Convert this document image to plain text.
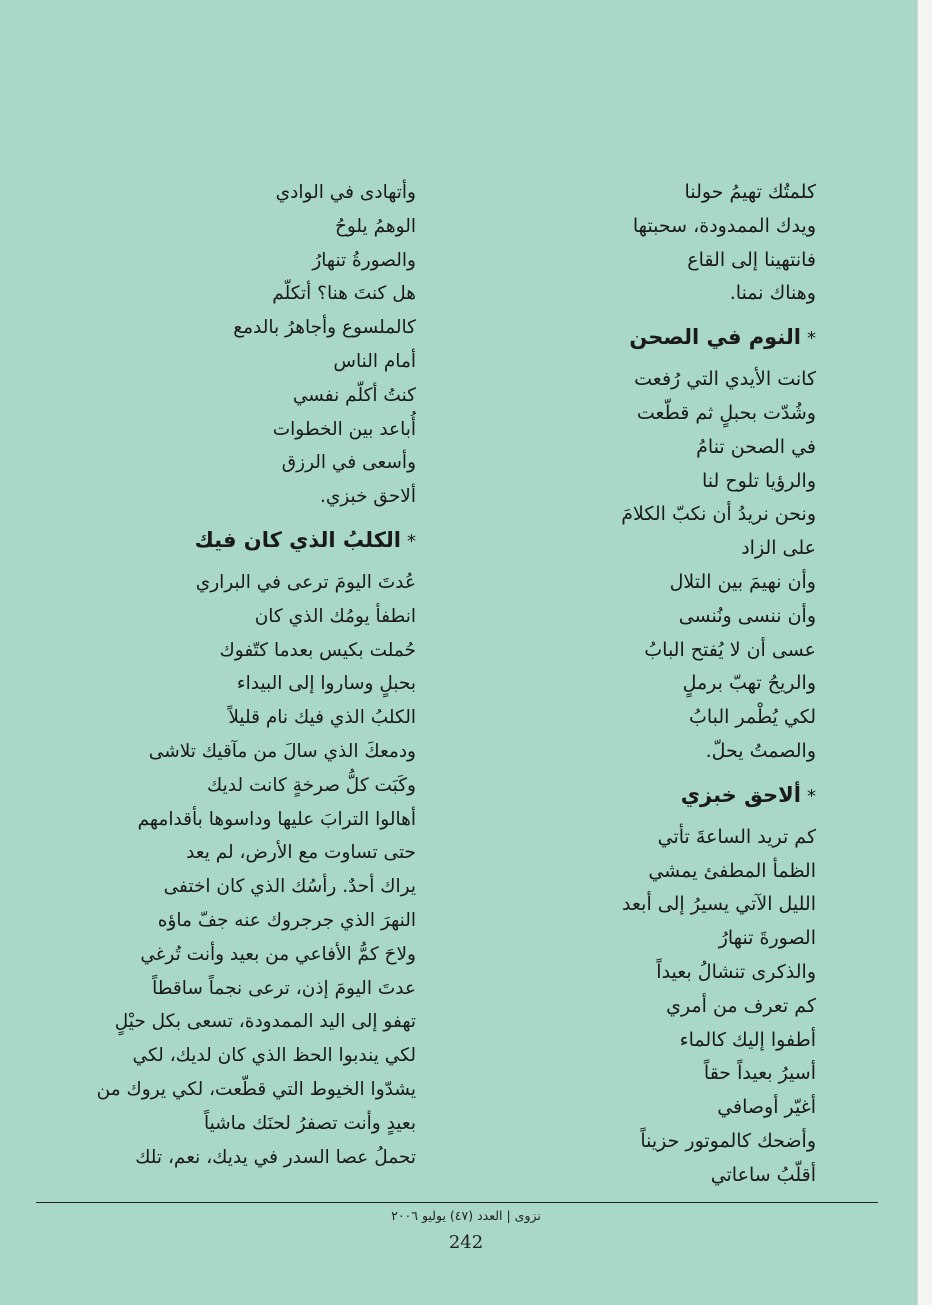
كلمتُك تهيمُ حولنا
ويدك الممدودة، سحبتها
فانتهينا إلى القاع
وهناك نمنا.
*النوم في الصحن
كانت الأيدي التي رُفعت
وشُدّت بحبلٍ ثم قطّعت
في الصحن تنامُ
والرؤيا تلوح لنا
ونحن نريدُ أن نكبّ الكلامَ
على الزاد
وأن نهيمَ بين التلال
وأن ننسى ونُنسى
عسى أن لا يُفتح البابُ
والريحُ تهبّ برملٍ
لكي يُطْمر البابُ
والصمتُ يحلّ.
*ألاحق خبزي
كم تريد الساعةَ تأتي
الظمأ المطفئ يمشي
الليل الآتي يسيرُ إلى أبعد
الصورةَ تنهارُ
والذكرى تنشالُ بعيداً
كم تعرف من أمري
أطفوا إليك كالماء
أسيرُ بعيداً حقاً
أغيّر أوصافي
وأضحك كالموتور حزيناً
أقلّبُ ساعاتي
وأتهادى في الوادي
الوهمُ يلوحُ
والصورةُ تنهارُ
هل كنتَ هنا؟ أتكلّم
كالملسوع وأجاهرُ بالدمع
أمام الناس
كنتُ أكلّم نفسي
أُباعد بين الخطوات
وأسعى في الرزق
ألاحق خبزي.
*الكلبُ الذي كان فيك
عُدتَ اليومَ ترعى في البراري
انطفأ يومُك الذي كان
حُملت بكيس بعدما كتّفوك
بحبلٍ وساروا إلى البيداء
الكلبُ الذي فيك نام قليلاً
ودمعكَ الذي سالَ من مآقيك تلاشى
وكَبَت كلُّ صرخةٍ كانت لديك
أهالوا الترابَ عليها وداسوها بأقدامهم
حتى تساوت مع الأرض، لم يعد
يراك أحدٌ. رأسُك الذي كان اختفى
النهرَ الذي جرجروك عنه جفّ ماؤه
ولاحَ كمُّ الأفاعي من بعيد وأنت تُرغي
عدتَ اليومَ إذن، ترعى نجماً ساقطاً
تهفو إلى اليد الممدودة، تسعى بكل حيْلٍ
لكي يندبوا الحظ الذي كان لديك، لكي
يشدّوا الخيوط التي قطّعت، لكي يروك من
بعيدٍ وأنت تصفرُ لحنَك ماشياً
تحملُ عصا السدر في يديك، نعم، تلك
نزوى | العدد (٤٧) يوليو ٢٠٠٦
242
